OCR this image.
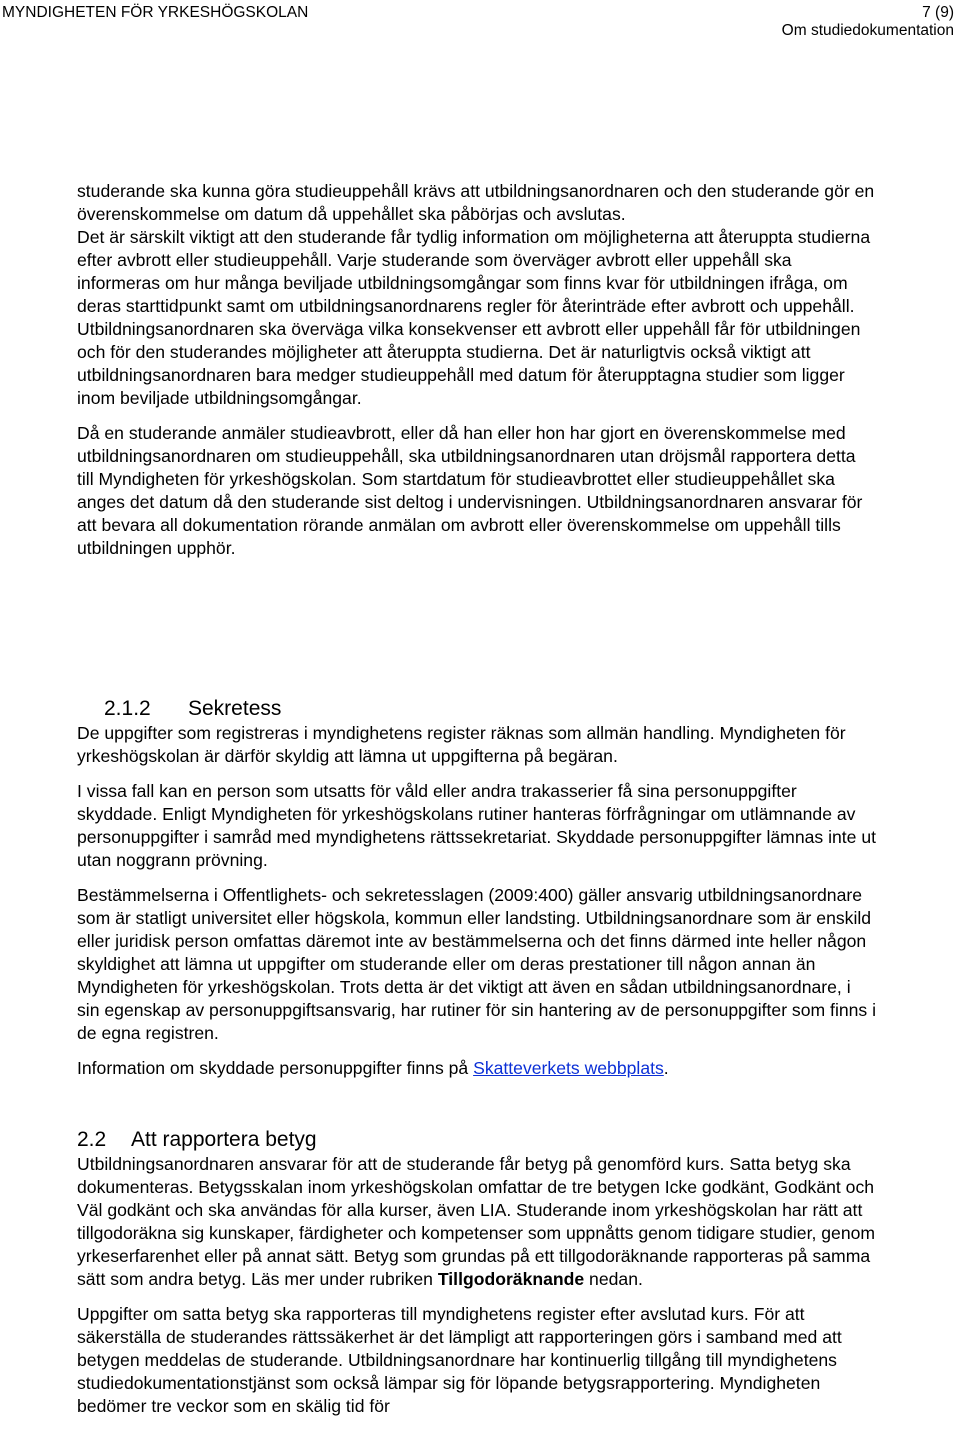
MYNDIGHETEN FÖR YRKESHÖGSKOLAN	7 (9)
Om studiedokumentation

studerande ska kunna göra studieuppehåll krävs att utbildningsanordnaren och den studerande gör en överenskommelse om datum då uppehållet ska påbörjas och avslutas.

Det är särskilt viktigt att den studerande får tydlig information om möjligheterna att återuppta studierna efter avbrott eller studieuppehåll. Varje studerande som överväger avbrott eller uppehåll ska informeras om hur många beviljade utbildningsomgångar som finns kvar för utbildningen ifråga, om deras starttidpunkt samt om utbildningsanordnarens regler för återinträde efter avbrott och uppehåll. Utbildningsanordnaren ska överväga vilka konsekvenser ett avbrott eller uppehåll får för utbildningen och för den studerandes möjligheter att återuppta studierna. Det är naturligtvis också viktigt att utbildningsanordnaren bara medger studieuppehåll med datum för återupptagna studier som ligger inom beviljade utbildningsomgångar.

Då en studerande anmäler studieavbrott, eller då han eller hon har gjort en överenskommelse med utbildningsanordnaren om studieuppehåll, ska utbildningsanordnaren utan dröjsmål rapportera detta till Myndigheten för yrkeshögskolan. Som startdatum för studieavbrottet eller studieuppehållet ska anges det datum då den studerande sist deltog i undervisningen. Utbildningsanordnaren ansvarar för att bevara all dokumentation rörande anmälan om avbrott eller överenskommelse om uppehåll tills utbildningen upphör.

2.1.2 Sekretess

De uppgifter som registreras i myndighetens register räknas som allmän handling. Myndigheten för yrkeshögskolan är därför skyldig att lämna ut uppgifterna på begäran.

I vissa fall kan en person som utsatts för våld eller andra trakasserier få sina personuppgifter skyddade. Enligt Myndigheten för yrkeshögskolans rutiner hanteras förfrågningar om utlämnande av personuppgifter i samråd med myndighetens rättssekretariat. Skyddade personuppgifter lämnas inte ut utan noggrann prövning.

Bestämmelserna i Offentlighets- och sekretesslagen (2009:400) gäller ansvarig utbildningsanordnare som är statligt universitet eller högskola, kommun eller landsting. Utbildningsanordnare som är enskild eller juridisk person omfattas däremot inte av bestämmelserna och det finns därmed inte heller någon skyldighet att lämna ut uppgifter om studerande eller om deras prestationer till någon annan än Myndigheten för yrkeshögskolan. Trots detta är det viktigt att även en sådan utbildningsanordnare, i sin egenskap av personuppgiftsansvarig, har rutiner för sin hantering av de personuppgifter som finns i de egna registren.

Information om skyddade personuppgifter finns på Skatteverkets webbplats.

2.2 Att rapportera betyg

Utbildningsanordnaren ansvarar för att de studerande får betyg på genomförd kurs. Satta betyg ska dokumenteras. Betygsskalan inom yrkeshögskolan omfattar de tre betygen Icke godkänt, Godkänt och Väl godkänt och ska användas för alla kurser, även LIA. Studerande inom yrkeshögskolan har rätt att tillgodoräkna sig kunskaper, färdigheter och kompetenser som uppnåtts genom tidigare studier, genom yrkeserfarenhet eller på annat sätt. Betyg som grundas på ett tillgodoräknande rapporteras på samma sätt som andra betyg. Läs mer under rubriken Tillgodoräknande nedan.

Uppgifter om satta betyg ska rapporteras till myndighetens register efter avslutad kurs. För att säkerställa de studerandes rättssäkerhet är det lämpligt att rapporteringen görs i samband med att betygen meddelas de studerande. Utbildningsanordnare har kontinuerlig tillgång till myndighetens studiedokumentationstjänst som också lämpar sig för löpande betygsrapportering. Myndigheten bedömer tre veckor som en skälig tid för
